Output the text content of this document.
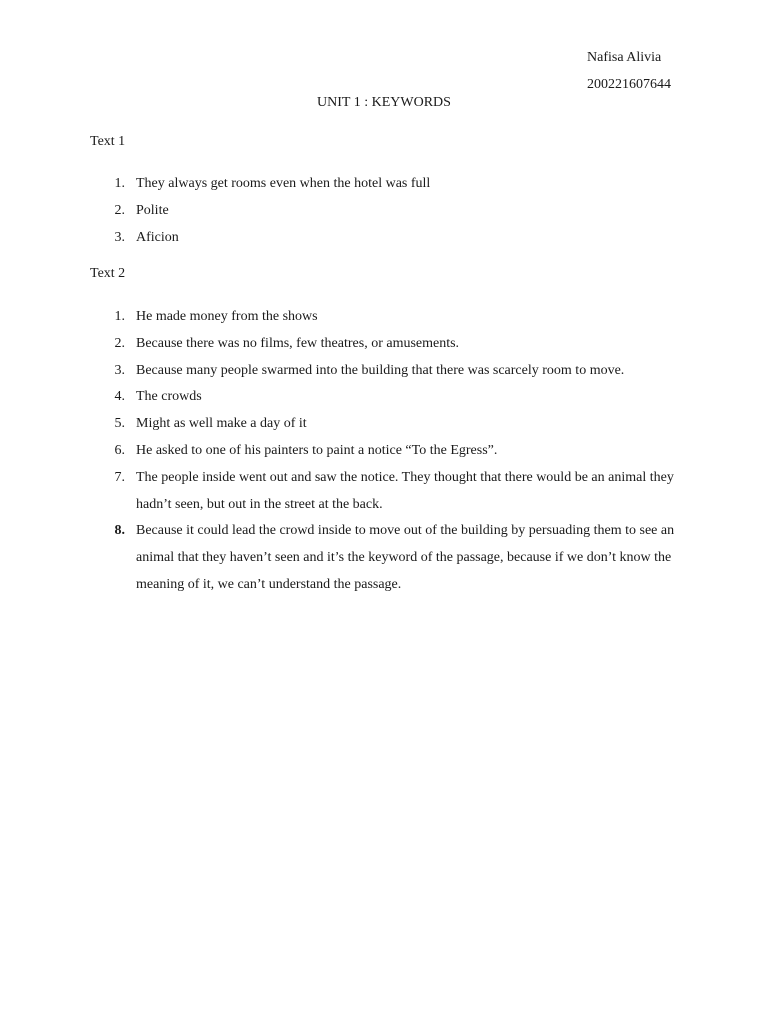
Nafisa Alivia
200221607644
UNIT 1 : KEYWORDS
Text 1
1. They always get rooms even when the hotel was full
2. Polite
3. Aficion
Text 2
1. He made money from the shows
2. Because there was no films, few theatres, or amusements.
3. Because many people swarmed into the building that there was scarcely room to move.
4. The crowds
5. Might as well make a day of it
6. He asked to one of his painters to paint a notice “To the Egress”.
7. The people inside went out and saw the notice. They thought that there would be an animal they hadn’t seen, but out in the street at the back.
8. Because it could lead the crowd inside to move out of the building by persuading them to see an animal that they haven’t seen and it’s the keyword of the passage, because if we don’t know the meaning of it, we can’t understand the passage.
